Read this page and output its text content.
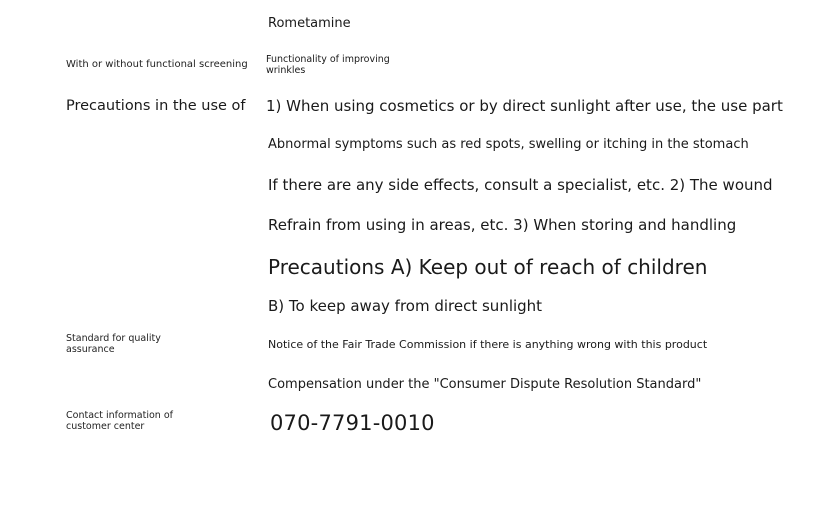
Rometamine
With or without functional screening Functionality of improving wrinkles
Precautions in the use of 1) When using cosmetics or by direct sunlight after use, the use part
Abnormal symptoms such as red spots, swelling or itching in the stomach
If there are any side effects, consult a specialist, etc. 2) The wound
Refrain from using in areas, etc. 3) When storing and handling
Precautions A) Keep out of reach of children
B) To keep away from direct sunlight
Standard for quality assurance	Notice of the Fair Trade Commission if there is anything wrong with this product
Compensation under the "Consumer Dispute Resolution Standard"
Contact information of customer center	070-7791-0010
